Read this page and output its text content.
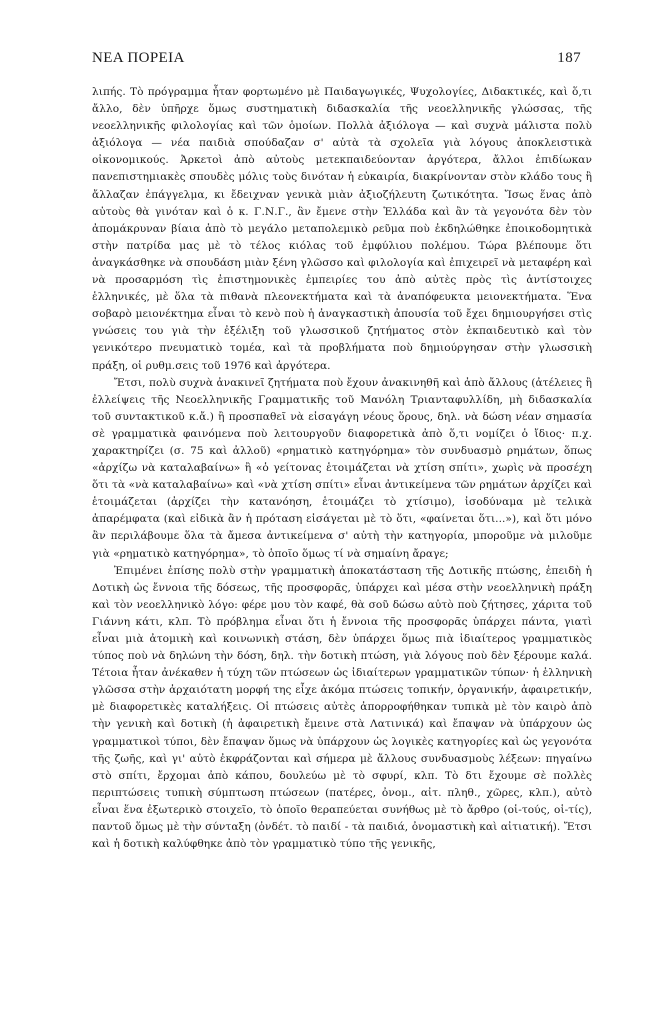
ΝΕΑ ΠΟΡΕΙΑ	187

λιπής. Τὸ πρόγραμμα ἦταν φορτωμένο μὲ Παιδαγωγικές, Ψυχολογίες, Διδακτικές, καὶ ὅ,τι ἄλλο, δὲν ὑπῆρχε ὅμως συστηματικὴ διδασκαλία τῆς νεοελληνικῆς γλώσσας, τῆς νεοελληνικῆς φιλολογίας καὶ τῶν ὁμοίων. Πολλὰ ἀξιόλογα — καὶ συχνὰ μάλιστα πολὺ ἀξιόλογα — νέα παιδιὰ σπούδαζαν σ' αὐτὰ τὰ σχολεῖα γιὰ λόγους ἀποκλειστικὰ οἰκονομικούς. Ἀρκετοὶ ἀπὸ αὐτοὺς μετεκπαιδεύονταν ἀργότερα, ἄλλοι ἐπιδίωκαν πανεπιστημιακὲς σπουδὲς μόλις τοὺς δινόταν ἡ εὐκαιρία, διακρίνονταν στὸν κλάδο τους ἢ ἄλλαζαν ἐπάγγελμα, κι ἔδειχναν γενικὰ μιὰν ἀξιοζήλευτη ζωτικότητα. Ἴσως ἕνας ἀπὸ αὐτοὺς θὰ γινόταν καὶ ὁ κ. Γ.Ν.Γ., ἂν ἔμενε στὴν Ἑλλάδα καὶ ἂν τὰ γεγονότα δὲν τὸν ἀπομάκρυναν βίαια ἀπὸ τὸ μεγάλο μεταπολεμικὸ ρεῦμα ποὺ ἐκδηλώθηκε ἐποικοδομητικὰ στὴν πατρίδα μας μὲ τὸ τέλος κιόλας τοῦ ἐμφύλιου πολέμου. Τώρα βλέπουμε ὅτι ἀναγκάσθηκε νὰ σπουδάση μιὰν ξένη γλῶσσο καὶ φιλολογία καὶ ἐπιχειρεῖ νὰ μεταφέρη καὶ νὰ προσαρμόση τὶς ἐπιστημονικὲς ἐμπειρίες του ἀπὸ αὐτὲς πρὸς τὶς ἀντίστοιχες ἑλληνικές, μὲ ὅλα τὰ πιθανὰ πλεονεκτήματα καὶ τὰ ἀναπόφευκτα μειονεκτήματα. Ἕνα σοβαρὸ μειονέκτημα εἶναι τὸ κενὸ ποὺ ἡ ἀναγκαστικὴ ἀπουσία τοῦ ἔχει δημιουργήσει στὶς γνώσεις του γιὰ τὴν ἐξέλιξη τοῦ γλωσσικοῦ ζητήματος στὸν ἐκπαιδευτικὸ καὶ τὸν γενικότερο πνευματικὸ τομέα, καὶ τὰ προβλήματα ποὺ δημιούργησαν στὴν γλωσσικὴ πράξη, οἱ ρυθμ.σεις τοῦ 1976 καὶ ἀργότερα.

Ἔτσι, πολὺ συχνὰ ἀνακινεῖ ζητήματα ποὺ ἔχουν ἀνακινηθῆ καὶ ἀπὸ ἄλλους (ἀτέλειες ἢ ἐλλείψεις τῆς Νεοελληνικῆς Γραμματικῆς τοῦ Μανόλη Τριανταφυλλίδη, μὴ διδασκαλία τοῦ συντακτικοῦ κ.ἄ.) ἢ προσπαθεῖ νὰ εἰσαγάγη νέους ὅρους, δηλ. νὰ δώση νέαν σημασία σὲ γραμματικὰ φαινόμενα ποὺ λειτουργοῦν διαφορετικὰ ἀπὸ ὅ,τι νομίζει ὁ ἴδιος· π.χ. χαρακτηρίζει (σ. 75 καὶ ἀλλοῦ) «ρηματικὸ κατηγόρημα» τὸν συνδυασμὸ ρημάτων, ὅπως «ἀρχίζω νὰ καταλαβαίνω» ἢ «ὁ γείτονας ἑτοιμάζεται νὰ χτίση σπίτι», χωρὶς νὰ προσέχη ὅτι τὰ «νὰ καταλαβαίνω» καὶ «νὰ χτίση σπίτι» εἶναι ἀντικείμενα τῶν ρημάτων ἀρχίζει καὶ ἑτοιμάζεται (ἀρχίζει τὴν κατανόηση, ἑτοιμάζει τὸ χτίσιμο), ἰσοδύναμα μὲ τελικὰ ἀπαρέμφατα (καὶ εἰδικὰ ἂν ἡ πρόταση εἰσάγεται μὲ τὸ ὅτι, «φαίνεται ὅτι...»), καὶ ὅτι μόνο ἂν περιλάβουμε ὅλα τὰ ἄμεσα ἀντικείμενα σ' αὐτὴ τὴν κατηγορία, μποροῦμε νὰ μιλοῦμε γιὰ «ρηματικὸ κατηγόρημα», τὸ ὁποῖο ὅμως τί νὰ σημαίνη ἄραγε;

Ἐπιμένει ἐπίσης πολὺ στὴν γραμματικὴ ἀποκατάσταση τῆς Δοτικῆς πτώσης, ἐπειδὴ ἡ Δοτικὴ ὡς ἔννοια τῆς δόσεως, τῆς προσφορᾶς, ὑπάρχει καὶ μέσα στὴν νεοελληνικὴ πράξη καὶ τὸν νεοελληνικὸ λόγο: φέρε μου τὸν καφέ, θὰ σοῦ δώσω αὐτὸ ποὺ ζήτησες, χάριτα τοῦ Γιάννη κάτι, κλπ. Τὸ πρόβλημα εἶναι ὅτι ἡ ἔννοια τῆς προσφορᾶς ὑπάρχει πάντα, γιατὶ εἶναι μιὰ ἀτομικὴ καὶ κοινωνικὴ στάση, δὲν ὑπάρχει ὅμως πιὰ ἰδιαίτερος γραμματικὸς τύπος ποὺ νὰ δηλώνη τὴν δόση, δηλ. τὴν δοτικὴ πτώση, γιὰ λόγους ποὺ δὲν ξέρουμε καλά. Τέτοια ἦταν ἀνέκαθεν ἡ τύχη τῶν πτώσεων ὡς ἰδιαίτερων γραμματικῶν τύπων· ἡ ἑλληνικὴ γλῶσσα στὴν ἀρχαιότατη μορφή της εἶχε ἀκόμα πτώσεις τοπικήν, ὀργανικήν, ἀφαιρετικήν, μὲ διαφορετικὲς καταλήξεις. Οἱ πτώσεις αὐτὲς ἀπορροφήθηκαν τυπικὰ μὲ τὸν καιρὸ ἀπὸ τὴν γενικὴ καὶ δοτικὴ (ἡ ἀφαιρετικὴ ἔμεινε στὰ Λατινικά) καὶ ἔπαψαν νὰ ὑπάρχουν ὡς γραμματικοὶ τύποι, δὲν ἔπαψαν ὅμως νὰ ὑπάρχουν ὡς λογικὲς κατηγορίες καὶ ὡς γεγονότα τῆς ζωῆς, καὶ γι' αὐτὸ ἐκφράζονται καὶ σήμερα μὲ ἄλλους συνδυασμοὺς λέξεων: πηγαίνω στὸ σπίτι, ἔρχομαι ἀπὸ κάπου, δουλεύω μὲ τὸ σφυρί, κλπ. Τὸ δτι ἔχουμε σὲ πολλὲς περιπτώσεις τυπικὴ σύμπτωση πτώσεων (πατέρες, ὀνομ., αἰτ. πληθ., χῶρες, κλπ.), αὐτὸ εἶναι ἕνα ἐξωτερικὸ στοιχεῖο, τὸ ὁποῖο θεραπεύεται συνήθως μὲ τὸ ἄρθρο (οἱ-τούς, οἱ-τίς), παντοῦ ὅμως μὲ τὴν σύνταξη (ὀνδέτ. τὸ παιδί - τὰ παιδιά, ὀνομαστικὴ καὶ αἰτιατική). Ἔτσι καὶ ἡ δοτικὴ καλύφθηκε ἀπὸ τὸν γραμματικὸ τύπο τῆς γενικῆς,
